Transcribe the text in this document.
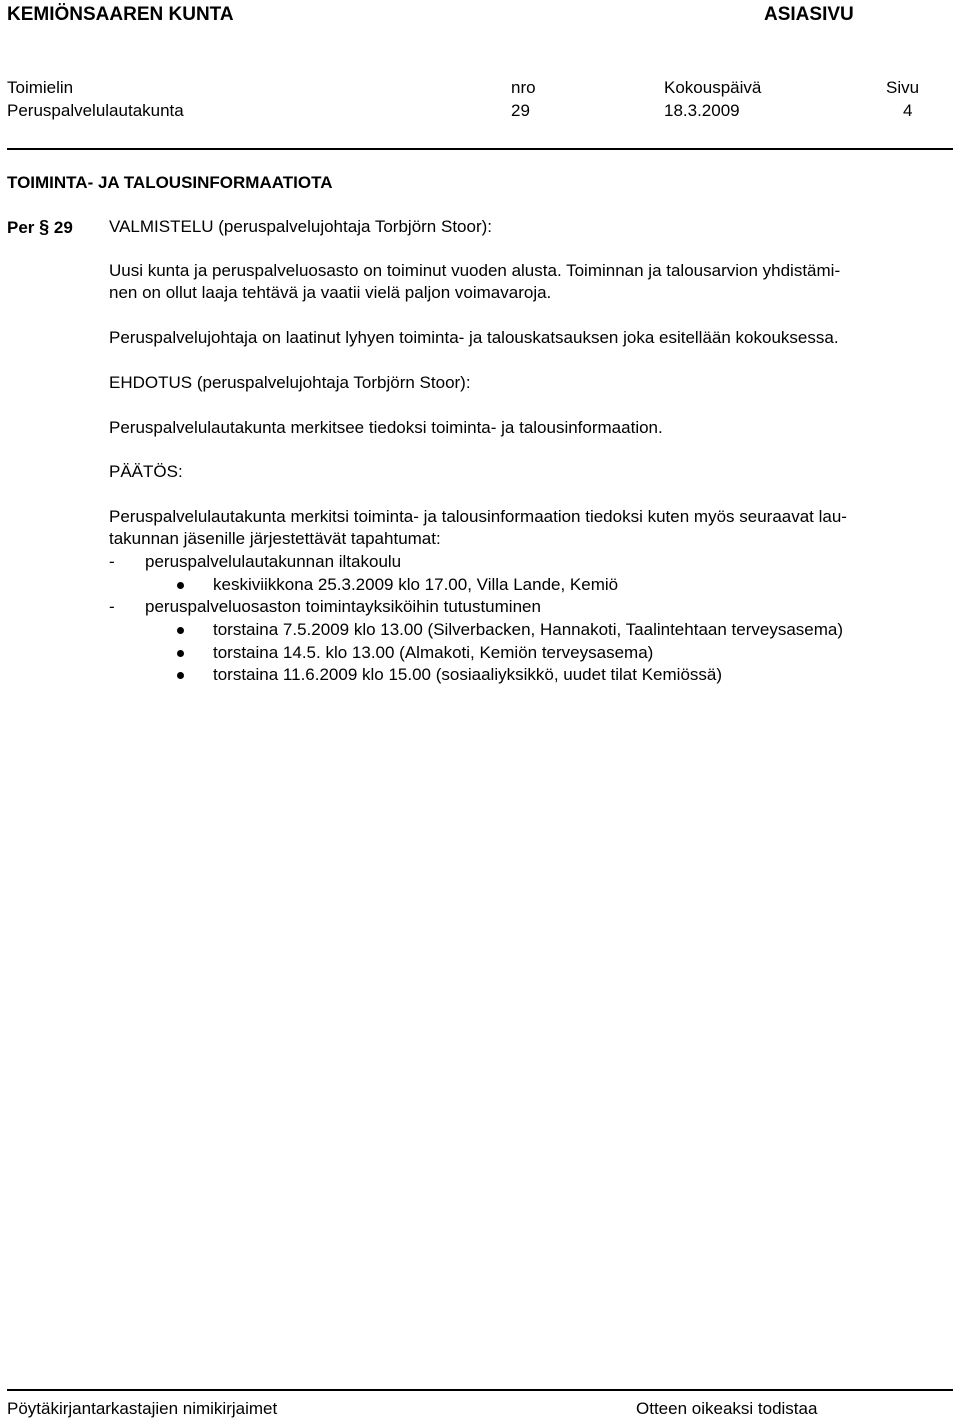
KEMIÖNSAAREN KUNTA	ASIASIVU
Toimielin	nro	Kokouspäivä	Sivu
Peruspalvelulautakunta	29	18.3.2009	4
TOIMINTA- JA TALOUSINFORMAATIOTA
Per § 29 VALMISTELU (peruspalvelujohtaja Torbjörn Stoor):
Uusi kunta ja peruspalveluosasto on toiminut vuoden alusta. Toiminnan ja talousarvion yhdistämi-
nen on ollut laaja tehtävä ja vaatii vielä paljon voimavaroja.
Peruspalvelujohtaja on laatinut lyhyen toiminta- ja talouskatsauksen joka esitellään kokouksessa.
EHDOTUS (peruspalvelujohtaja Torbjörn Stoor):
Peruspalvelulautakunta merkitsee tiedoksi toiminta- ja talousinformaation.
PÄÄTÖS:
Peruspalvelulautakunta merkitsi toiminta- ja talousinformaation tiedoksi kuten myös seuraavat lau-
takunnan jäsenille järjestettävät tapahtumat:
- peruspalvelulautakunnan iltakoulu
keskiviikkona 25.3.2009 klo 17.00, Villa Lande, Kemiö
- peruspalveluosaston toimintayksiköihin tutustuminen
torstaina 7.5.2009 klo 13.00 (Silverbacken, Hannakoti, Taalintehtaan terveysasema)
torstaina 14.5. klo 13.00 (Almakoti, Kemiön terveysasema)
torstaina 11.6.2009 klo 15.00 (sosiaaliyksikkö, uudet tilat Kemiössä)
Pöytäkirjantarkastajien nimikirjaimet	Otteen oikeaksi todistaa
